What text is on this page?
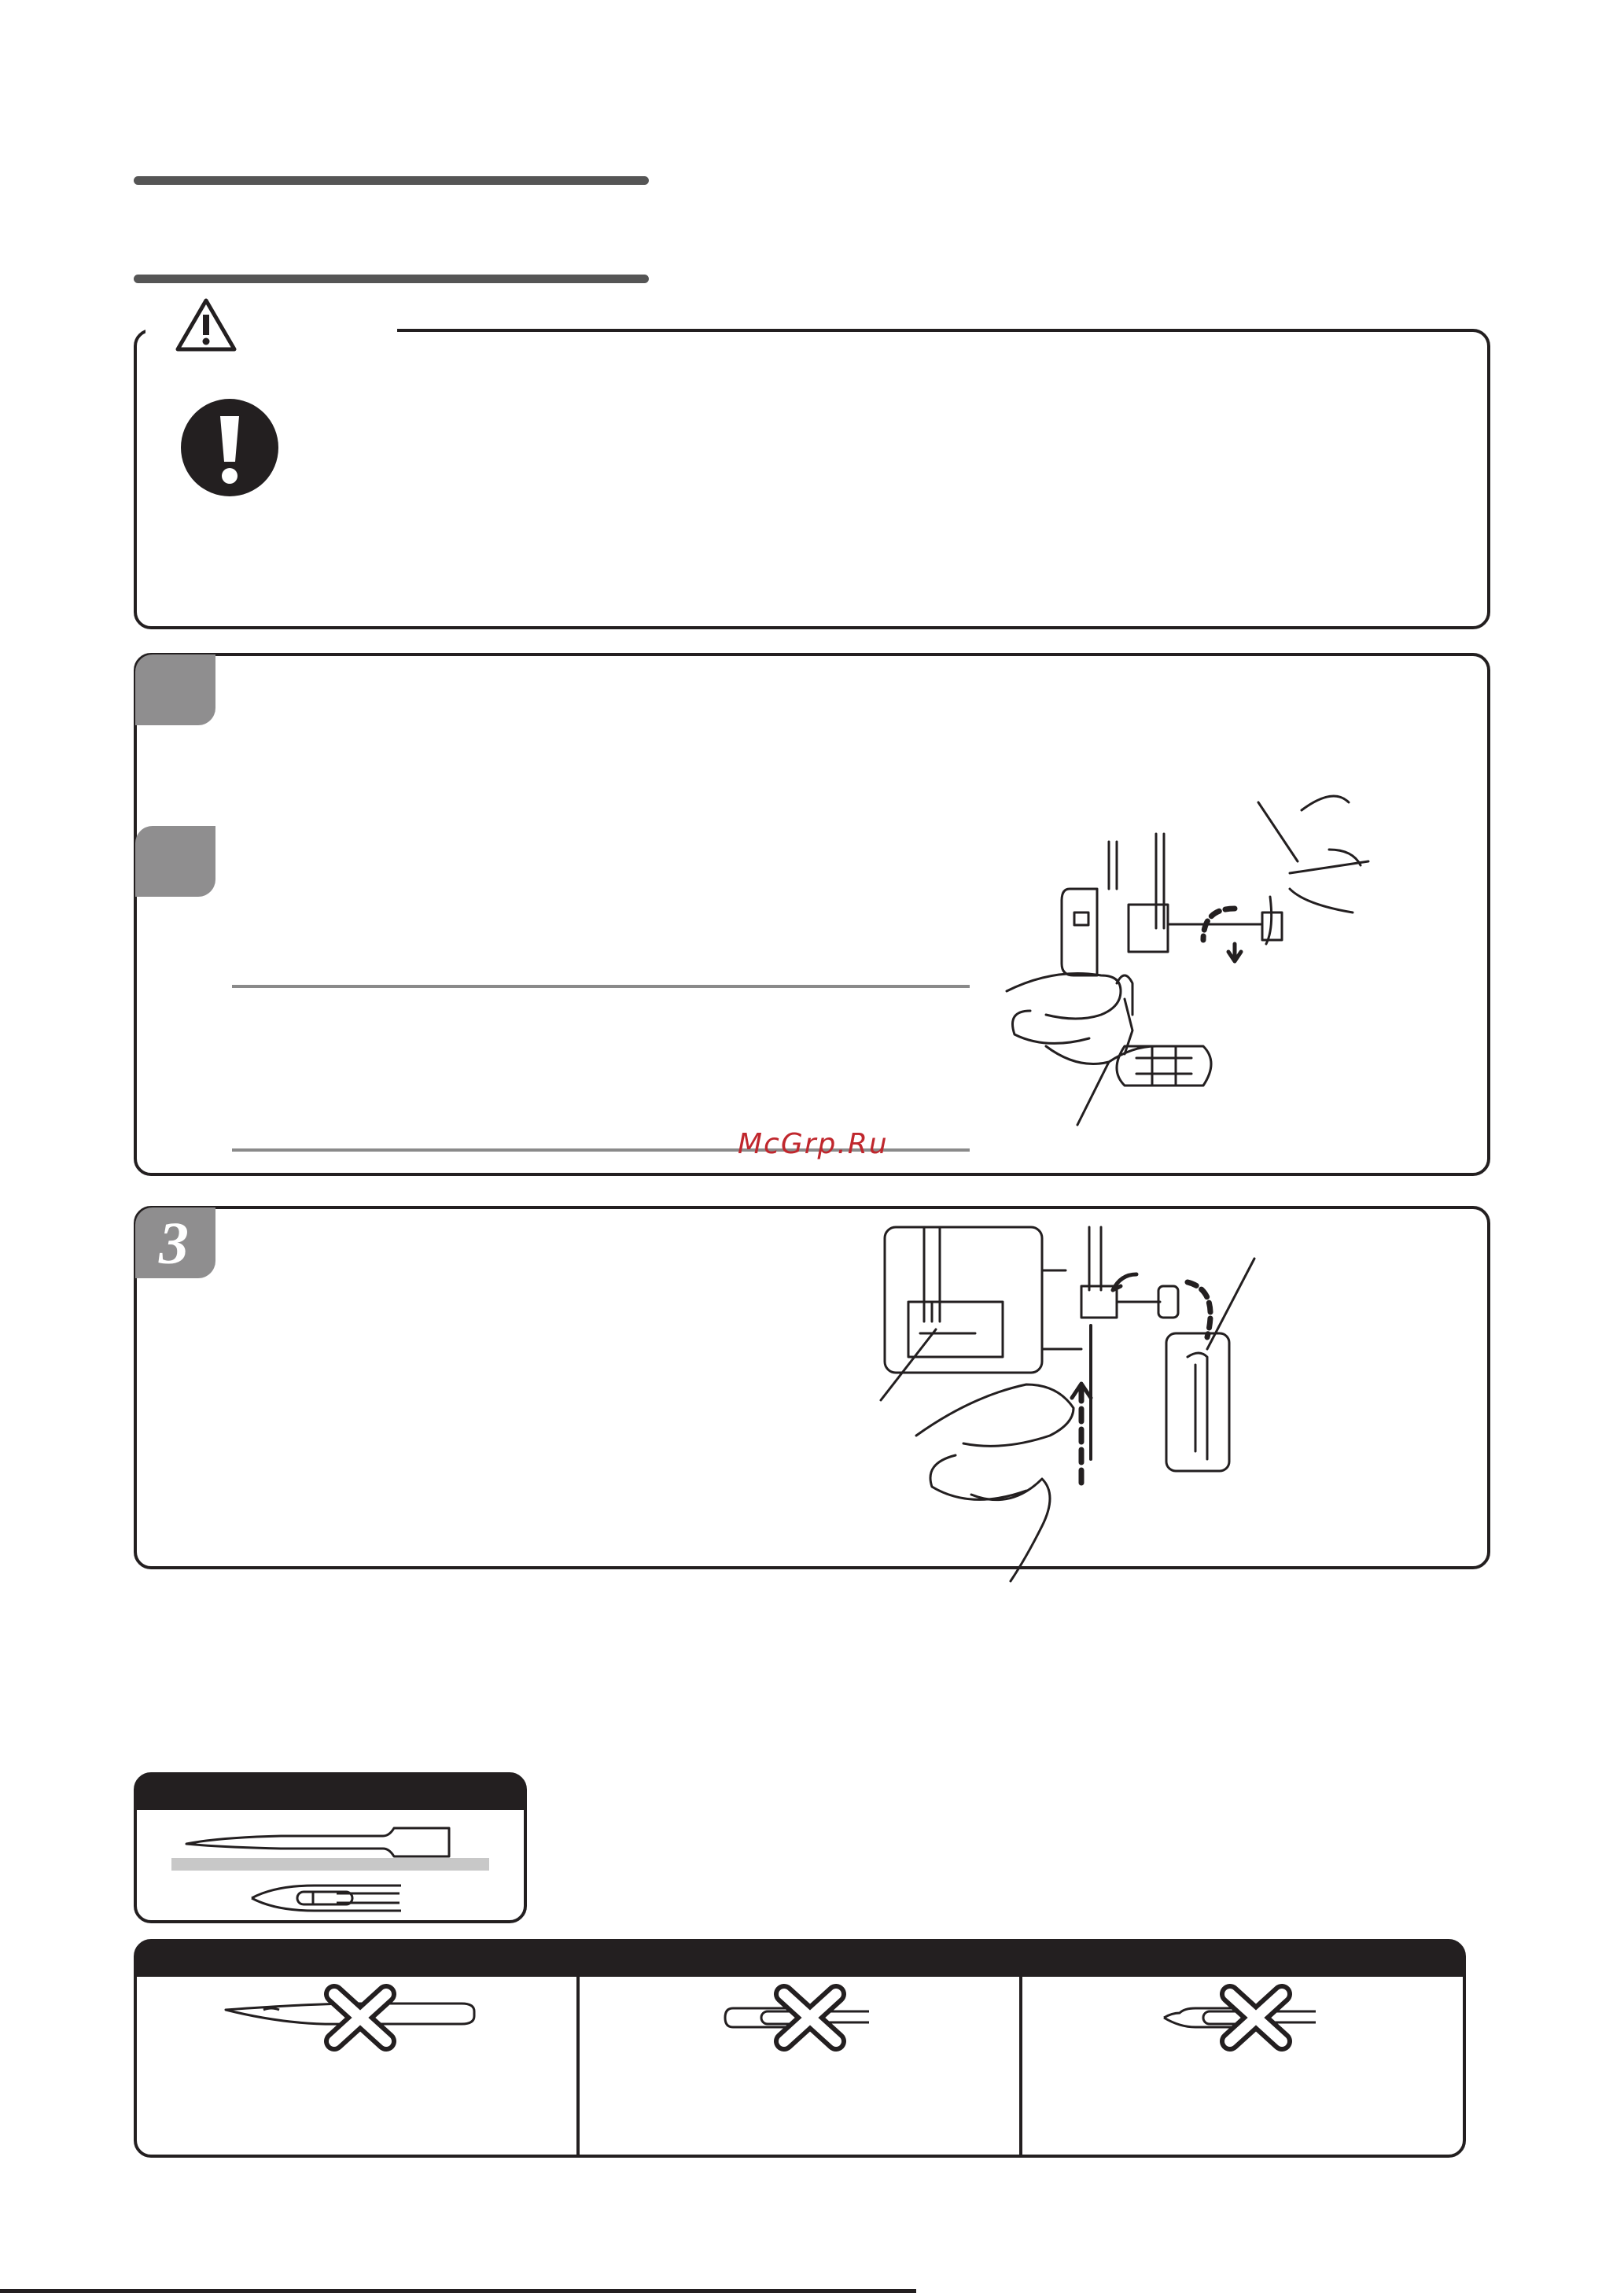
McGrp.Ru
3
